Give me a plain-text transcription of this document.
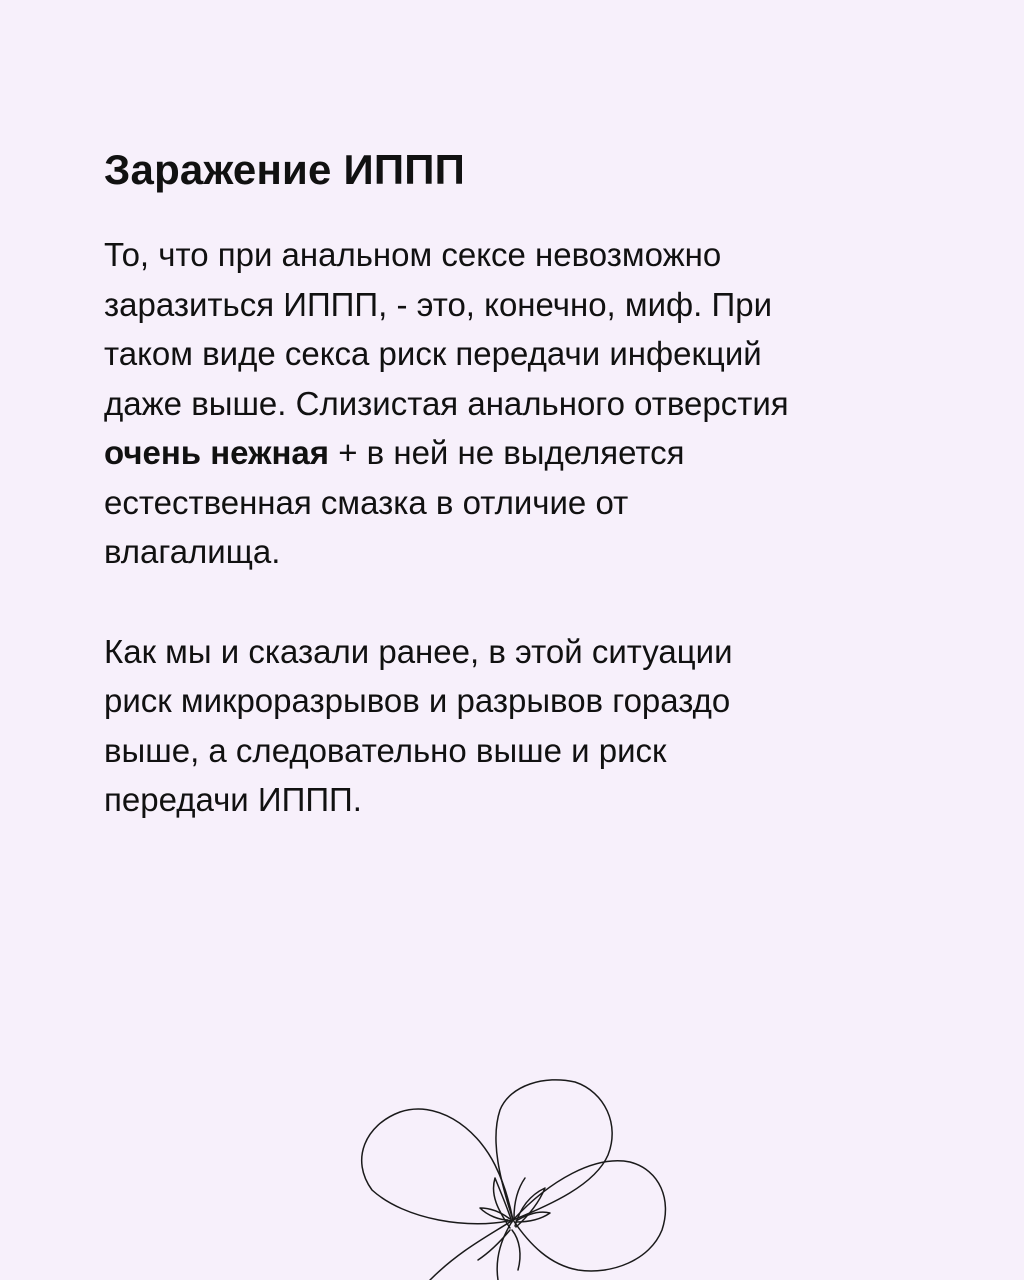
Заражение ИППП

То, что при анальном сексе невозможно
заразиться ИППП, - это, конечно, миф. При
таком виде секса риск передачи инфекций
даже выше. Слизистая анального отверстия
очень нежная + в ней не выделяется
естественная смазка в отличие от
влагалища.

Как мы и сказали ранее, в этой ситуации
риск микроразрывов и разрывов гораздо
выше, а следовательно выше и риск
передачи ИППП.
